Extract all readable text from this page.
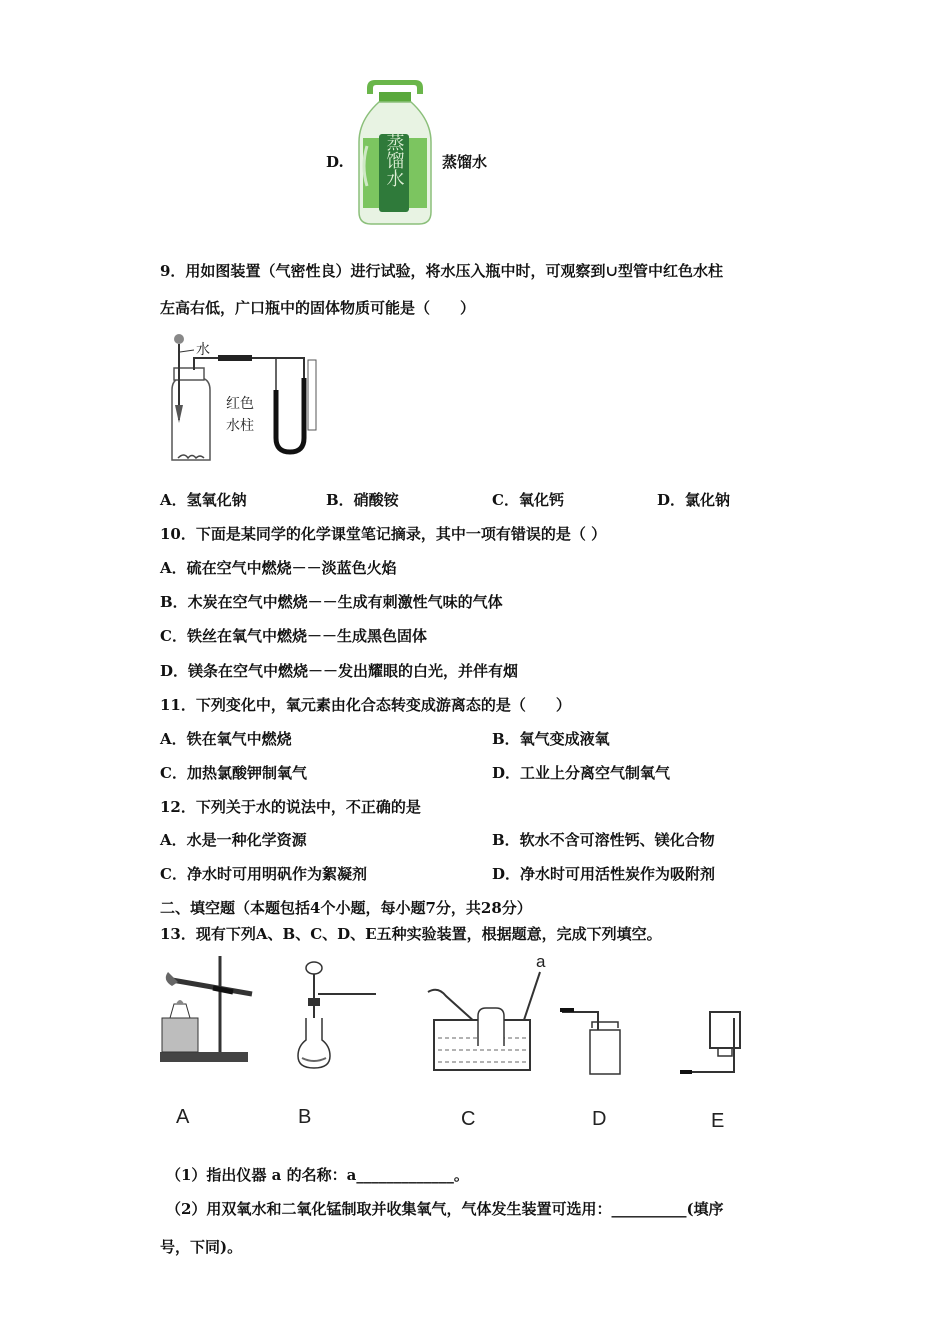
D. 蒸馏水	蒸馏水
9．用如图装置（气密性良）进行试验，将水压入瓶中时，可观察到∪型管中红色水柱
左高右低，广口瓶中的固体物质可能是（　　）
水
红色
水柱
A．氢氧化钠	B．硝酸铵	C．氧化钙	D．氯化钠
10．下面是某同学的化学课堂笔记摘录，其中一项有错误的是（ ）
A．硫在空气中燃烧－－淡蓝色火焰
B．木炭在空气中燃烧－－生成有刺激性气味的气体
C．铁丝在氧气中燃烧－－生成黑色固体
D．镁条在空气中燃烧－－发出耀眼的白光，并伴有烟
11．下列变化中，氧元素由化合态转变成游离态的是（　　）
A．铁在氧气中燃烧	B．氧气变成液氧
C．加热氯酸钾制氧气	D．工业上分离空气制氧气
12．下列关于水的说法中，不正确的是
A．水是一种化学资源	B．软水不含可溶性钙、镁化合物
C．净水时可用明矾作为絮凝剂	D．净水时可用活性炭作为吸附剂
二、填空题（本题包括4个小题，每小题7分，共28分）
13．现有下列A、B、C、D、E五种实验装置，根据题意，完成下列填空。
a
A	B	C	D	E
（1）指出仪器 a 的名称：a_____________。
（2）用双氧水和二氧化锰制取并收集氧气，气体发生装置可选用：__________(填序
号，下同)。
